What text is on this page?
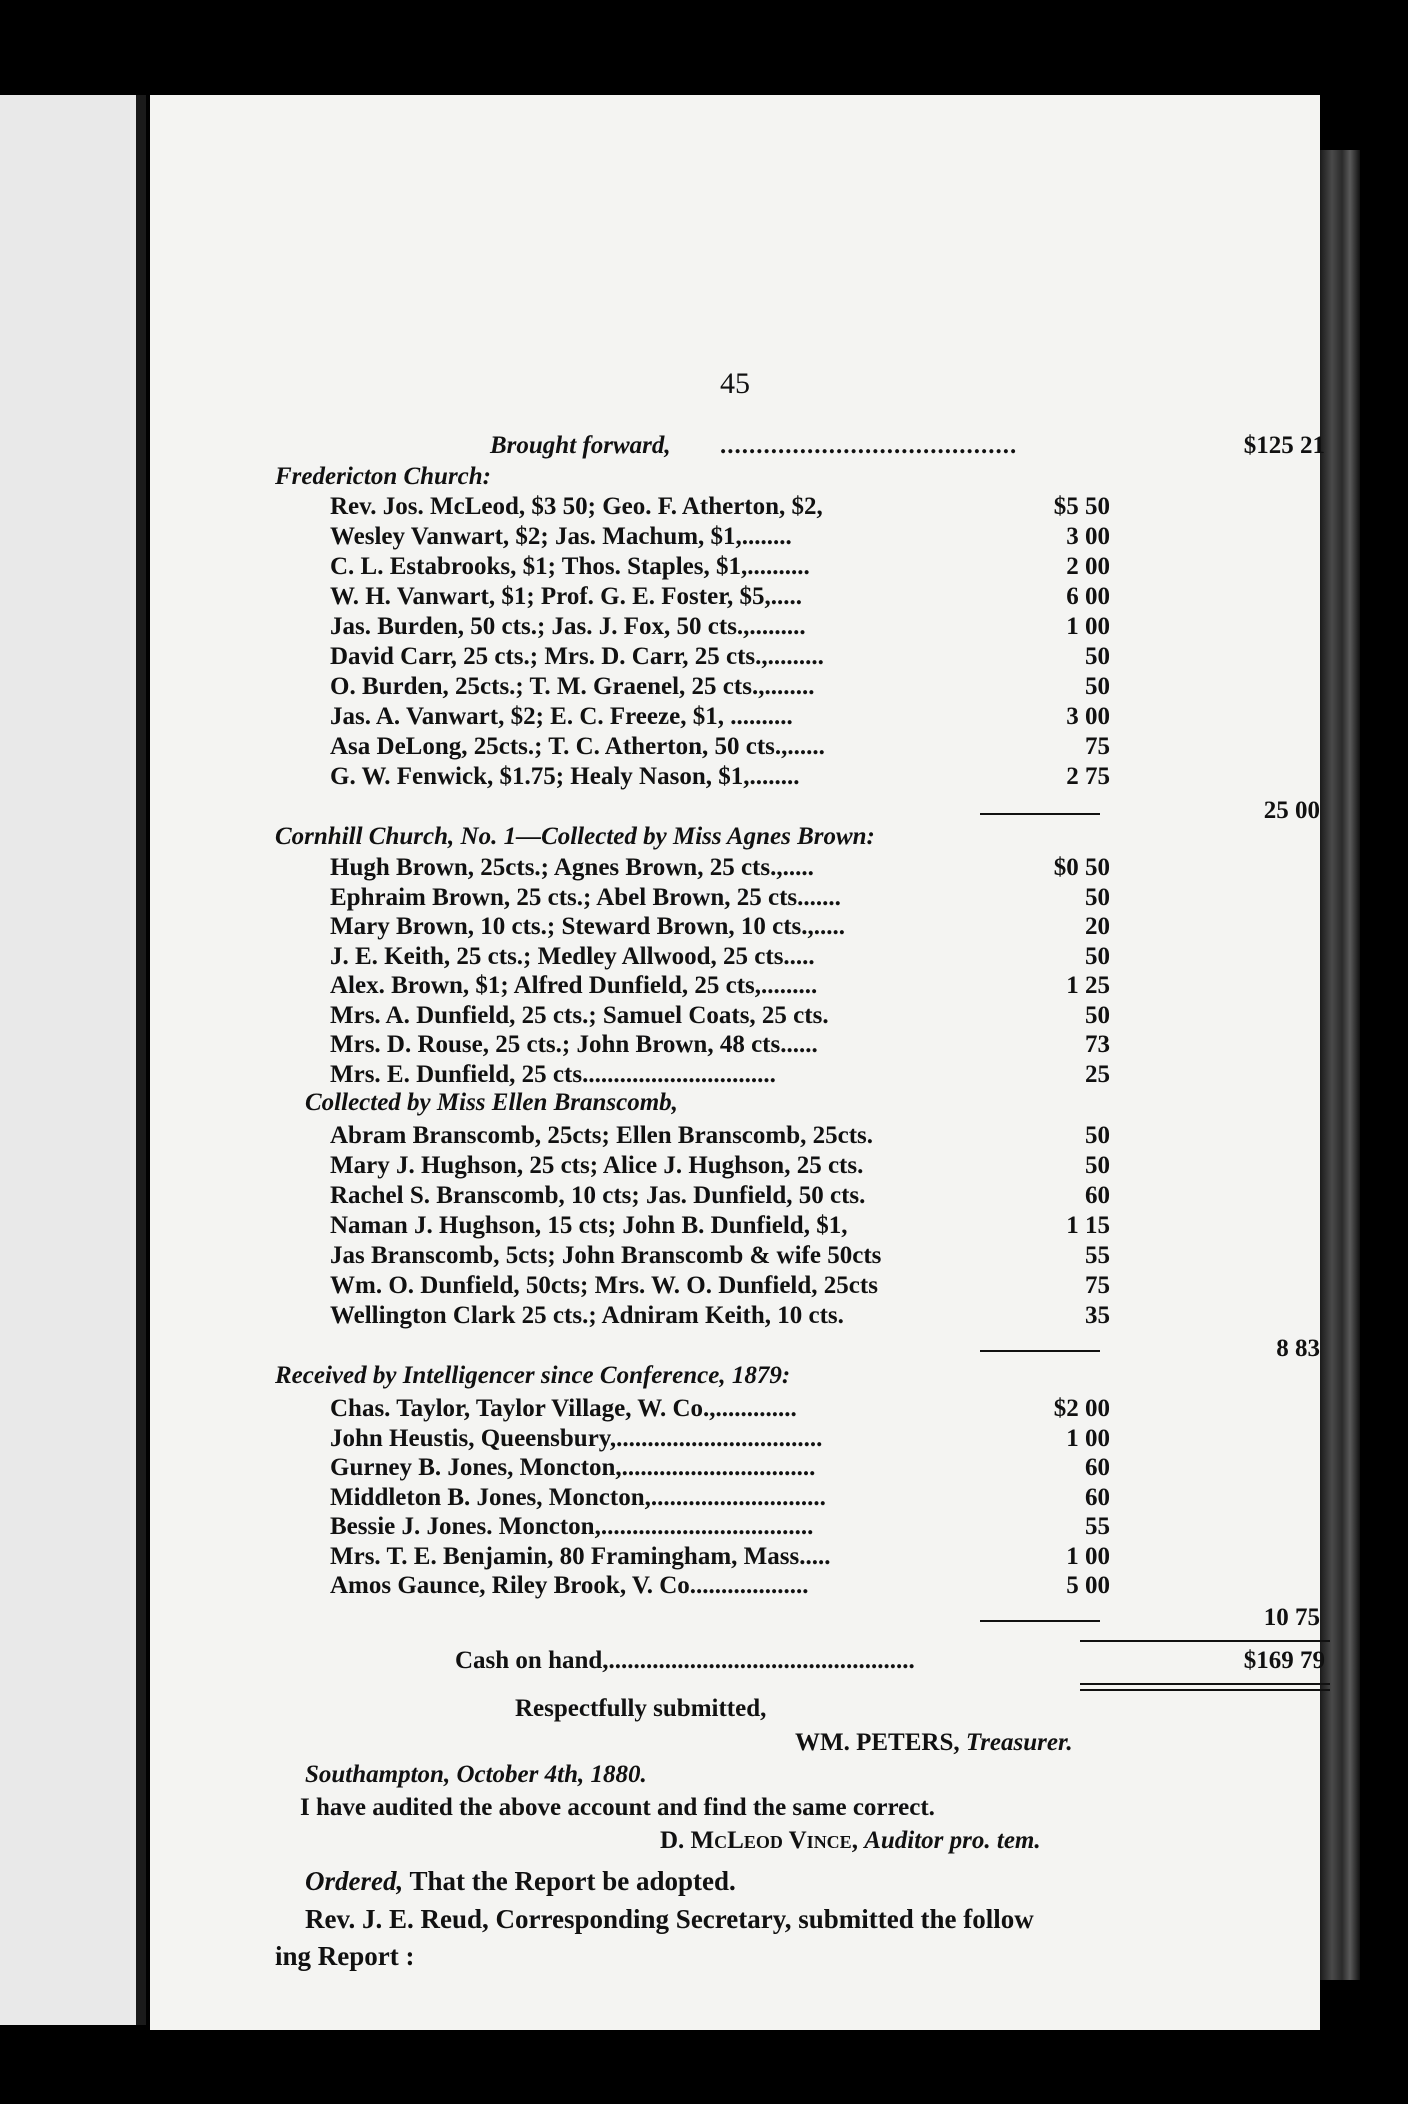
45
Brought forward, .........................................	$125 21
Fredericton Church:
Rev. Jos. McLeod, $3 50; Geo. F. Atherton, $2,	$5 50
Wesley Vanwart, $2; Jas. Machum, $1,........	3 00
C. L. Estabrooks, $1; Thos. Staples, $1,..........	2 00
W. H. Vanwart, $1; Prof. G. E. Foster, $5,.....	6 00
Jas. Burden, 50 cts.; Jas. J. Fox, 50 cts.,.........	1 00
David Carr, 25 cts.; Mrs. D. Carr, 25 cts.,.........	50
O. Burden, 25cts.; T. M. Graenel, 25 cts.,........	50
Jas. A. Vanwart, $2; E. C. Freeze, $1, ..........	3 00
Asa DeLong, 25cts.; T. C. Atherton, 50 cts.,......	75
G. W. Fenwick, $1.75; Healy Nason, $1,........	2 75
25 00
Cornhill Church, No. 1—Collected by Miss Agnes Brown:
Hugh Brown, 25cts.; Agnes Brown, 25 cts.,.....	$0 50
Ephraim Brown, 25 cts.; Abel Brown, 25 cts.......	50
Mary Brown, 10 cts.; Steward Brown, 10 cts.,.....	20
J. E. Keith, 25 cts.; Medley Allwood, 25 cts.....	50
Alex. Brown, $1; Alfred Dunfield, 25 cts,.........	1 25
Mrs. A. Dunfield, 25 cts.; Samuel Coats, 25 cts.	50
Mrs. D. Rouse, 25 cts.; John Brown, 48 cts......	73
Mrs. E. Dunfield, 25 cts...............................	25
Collected by Miss Ellen Branscomb,
Abram Branscomb, 25cts; Ellen Branscomb, 25cts.	50
Mary J. Hughson, 25 cts; Alice J. Hughson, 25 cts.	50
Rachel S. Branscomb, 10 cts; Jas. Dunfield, 50 cts.	60
Naman J. Hughson, 15 cts; John B. Dunfield, $1,	1 15
Jas Branscomb, 5cts; John Branscomb & wife 50cts	55
Wm. O. Dunfield, 50cts; Mrs. W. O. Dunfield, 25cts	75
Wellington Clark 25 cts.; Adniram Keith, 10 cts.	35
8 83
Received by Intelligencer since Conference, 1879:
Chas. Taylor, Taylor Village, W. Co.,.............	$2 00
John Heustis, Queensbury,.................................	1 00
Gurney B. Jones, Moncton,...............................	60
Middleton B. Jones, Moncton,............................	60
Bessie J. Jones. Moncton,..................................	55
Mrs. T. E. Benjamin, 80 Framingham, Mass.....	1 00
Amos Gaunce, Riley Brook, V. Co...................	5 00
10 75
Cash on hand,.................................................	$169 79
Respectfully submitted,
WM. PETERS, Treasurer.
Southampton, October 4th, 1880.
I have audited the above account and find the same correct.
D. McLeod Vince, Auditor pro. tem.
Ordered, That the Report be adopted.
Rev. J. E. Reud, Corresponding Secretary, submitted the follow
ing Report :
